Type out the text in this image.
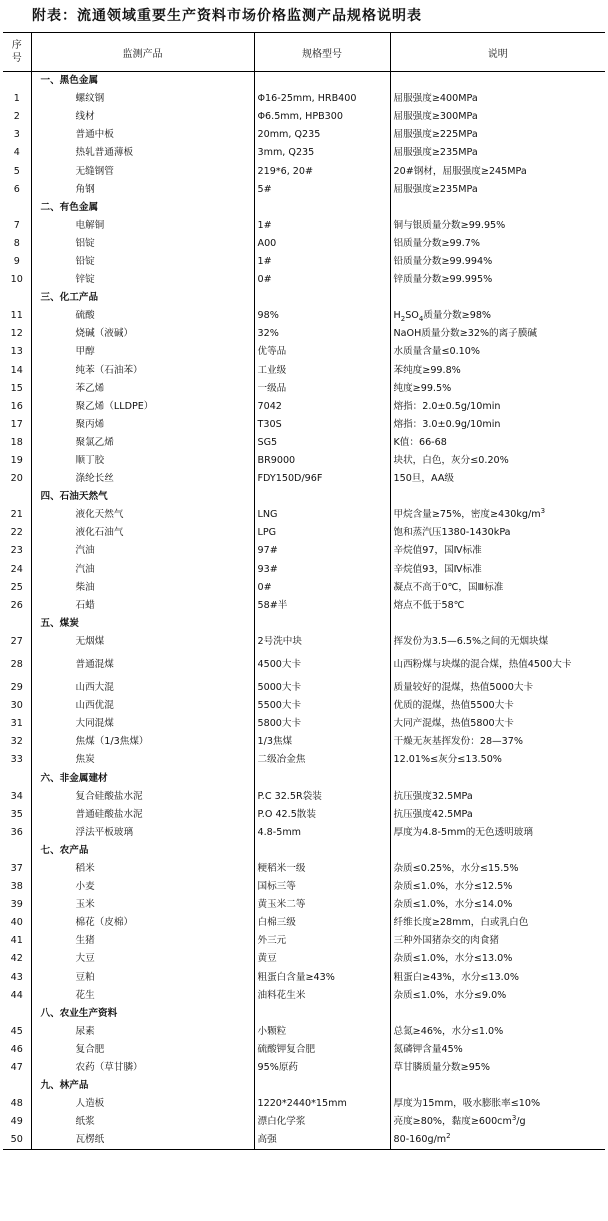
附表：流通领域重要生产资料市场价格监测产品规格说明表
序号	监测产品	规格型号	说明
	一、黑色金属		
1	螺纹钢	Φ16-25mm, HRB400	屈服强度≥400MPa
2	线材	Φ6.5mm, HPB300	屈服强度≥300MPa
3	普通中板	20mm, Q235	屈服强度≥225MPa
4	热轧普通薄板	3mm, Q235	屈服强度≥235MPa
5	无缝钢管	219*6, 20#	20#钢材，屈服强度≥245MPa
6	角钢	5#	屈服强度≥235MPa
	二、有色金属		
7	电解铜	1#	铜与银质量分数≥99.95%
8	铝锭	A00	铝质量分数≥99.7%
9	铅锭	1#	铅质量分数≥99.994%
10	锌锭	0#	锌质量分数≥99.995%
	三、化工产品		
11	硫酸	98%	$H_2SO_4$质量分数≥98%
12	烧碱（液碱）	32%	NaOH质量分数≥32%的离子膜碱
13	甲醇	优等品	水质量含量≤0.10%
14	纯苯（石油苯）	工业级	苯纯度≥99.8%
15	苯乙烯	一级品	纯度≥99.5%
16	聚乙烯（LLDPE）	7042	熔指：2.0±0.5g/10min
17	聚丙烯	T30S	熔指：3.0±0.9g/10min
18	聚氯乙烯	SG5	K值：66-68
19	顺丁胶	BR9000	块状，白色，灰分≤0.20%
20	涤纶长丝	FDY150D/96F	150旦，AA级
	四、石油天然气		
21	液化天然气	LNG	甲烷含量≥75%，密度$\ge 430kg/m^3$
22	液化石油气	LPG	饱和蒸汽压1380-1430kPa
23	汽油	97#	辛烷值97，国Ⅳ标准
24	汽油	93#	辛烷值93，国Ⅳ标准
25	柴油	0#	凝点不高于0℃，国Ⅲ标准
26	石蜡	58#半	熔点不低于58℃
	五、煤炭		
27	无烟煤	2号洗中块	挥发份为3.5—6.5%之间的无烟块煤
28	普通混煤	4500大卡	山西粉煤与块煤的混合煤，热值4500大卡
29	山西大混	5000大卡	质量较好的混煤，热值5000大卡
30	山西优混	5500大卡	优质的混煤，热值5500大卡
31	大同混煤	5800大卡	大同产混煤，热值5800大卡
32	焦煤（1/3焦煤）	1/3焦煤	干燥无灰基挥发份：28—37%
33	焦炭	二级冶金焦	12.01%≤灰分≤13.50%
	六、非金属建材		
34	复合硅酸盐水泥	P.C 32.5R袋装	抗压强度32.5MPa
35	普通硅酸盐水泥	P.O 42.5散装	抗压强度42.5MPa
36	浮法平板玻璃	4.8-5mm	厚度为4.8-5mm的无色透明玻璃
	七、农产品		
37	稻米	粳稻米一级	杂质≤0.25%，水分≤15.5%
38	小麦	国标三等	杂质≤1.0%，水分≤12.5%
39	玉米	黄玉米二等	杂质≤1.0%，水分≤14.0%
40	棉花（皮棉）	白棉三级	纤维长度≥28mm，白或乳白色
41	生猪	外三元	三种外国猪杂交的肉食猪
42	大豆	黄豆	杂质≤1.0%，水分≤13.0%
43	豆粕	粗蛋白含量≥43%	粗蛋白≥43%，水分≤13.0%
44	花生	油料花生米	杂质≤1.0%，水分≤9.0%
	八、农业生产资料		
45	尿素	小颗粒	总氮≥46%，水分≤1.0%
46	复合肥	硫酸钾复合肥	氮磷钾含量45%
47	农药（草甘膦）	95%原药	草甘膦质量分数≥95%
	九、林产品		
48	人造板	1220*2440*15mm	厚度为15mm，吸水膨胀率≤10%
49	纸浆	漂白化学浆	亮度≥80%，黏度$\ge 600cm^3/g$
50	瓦楞纸	高强	$80-160g/m^2$
